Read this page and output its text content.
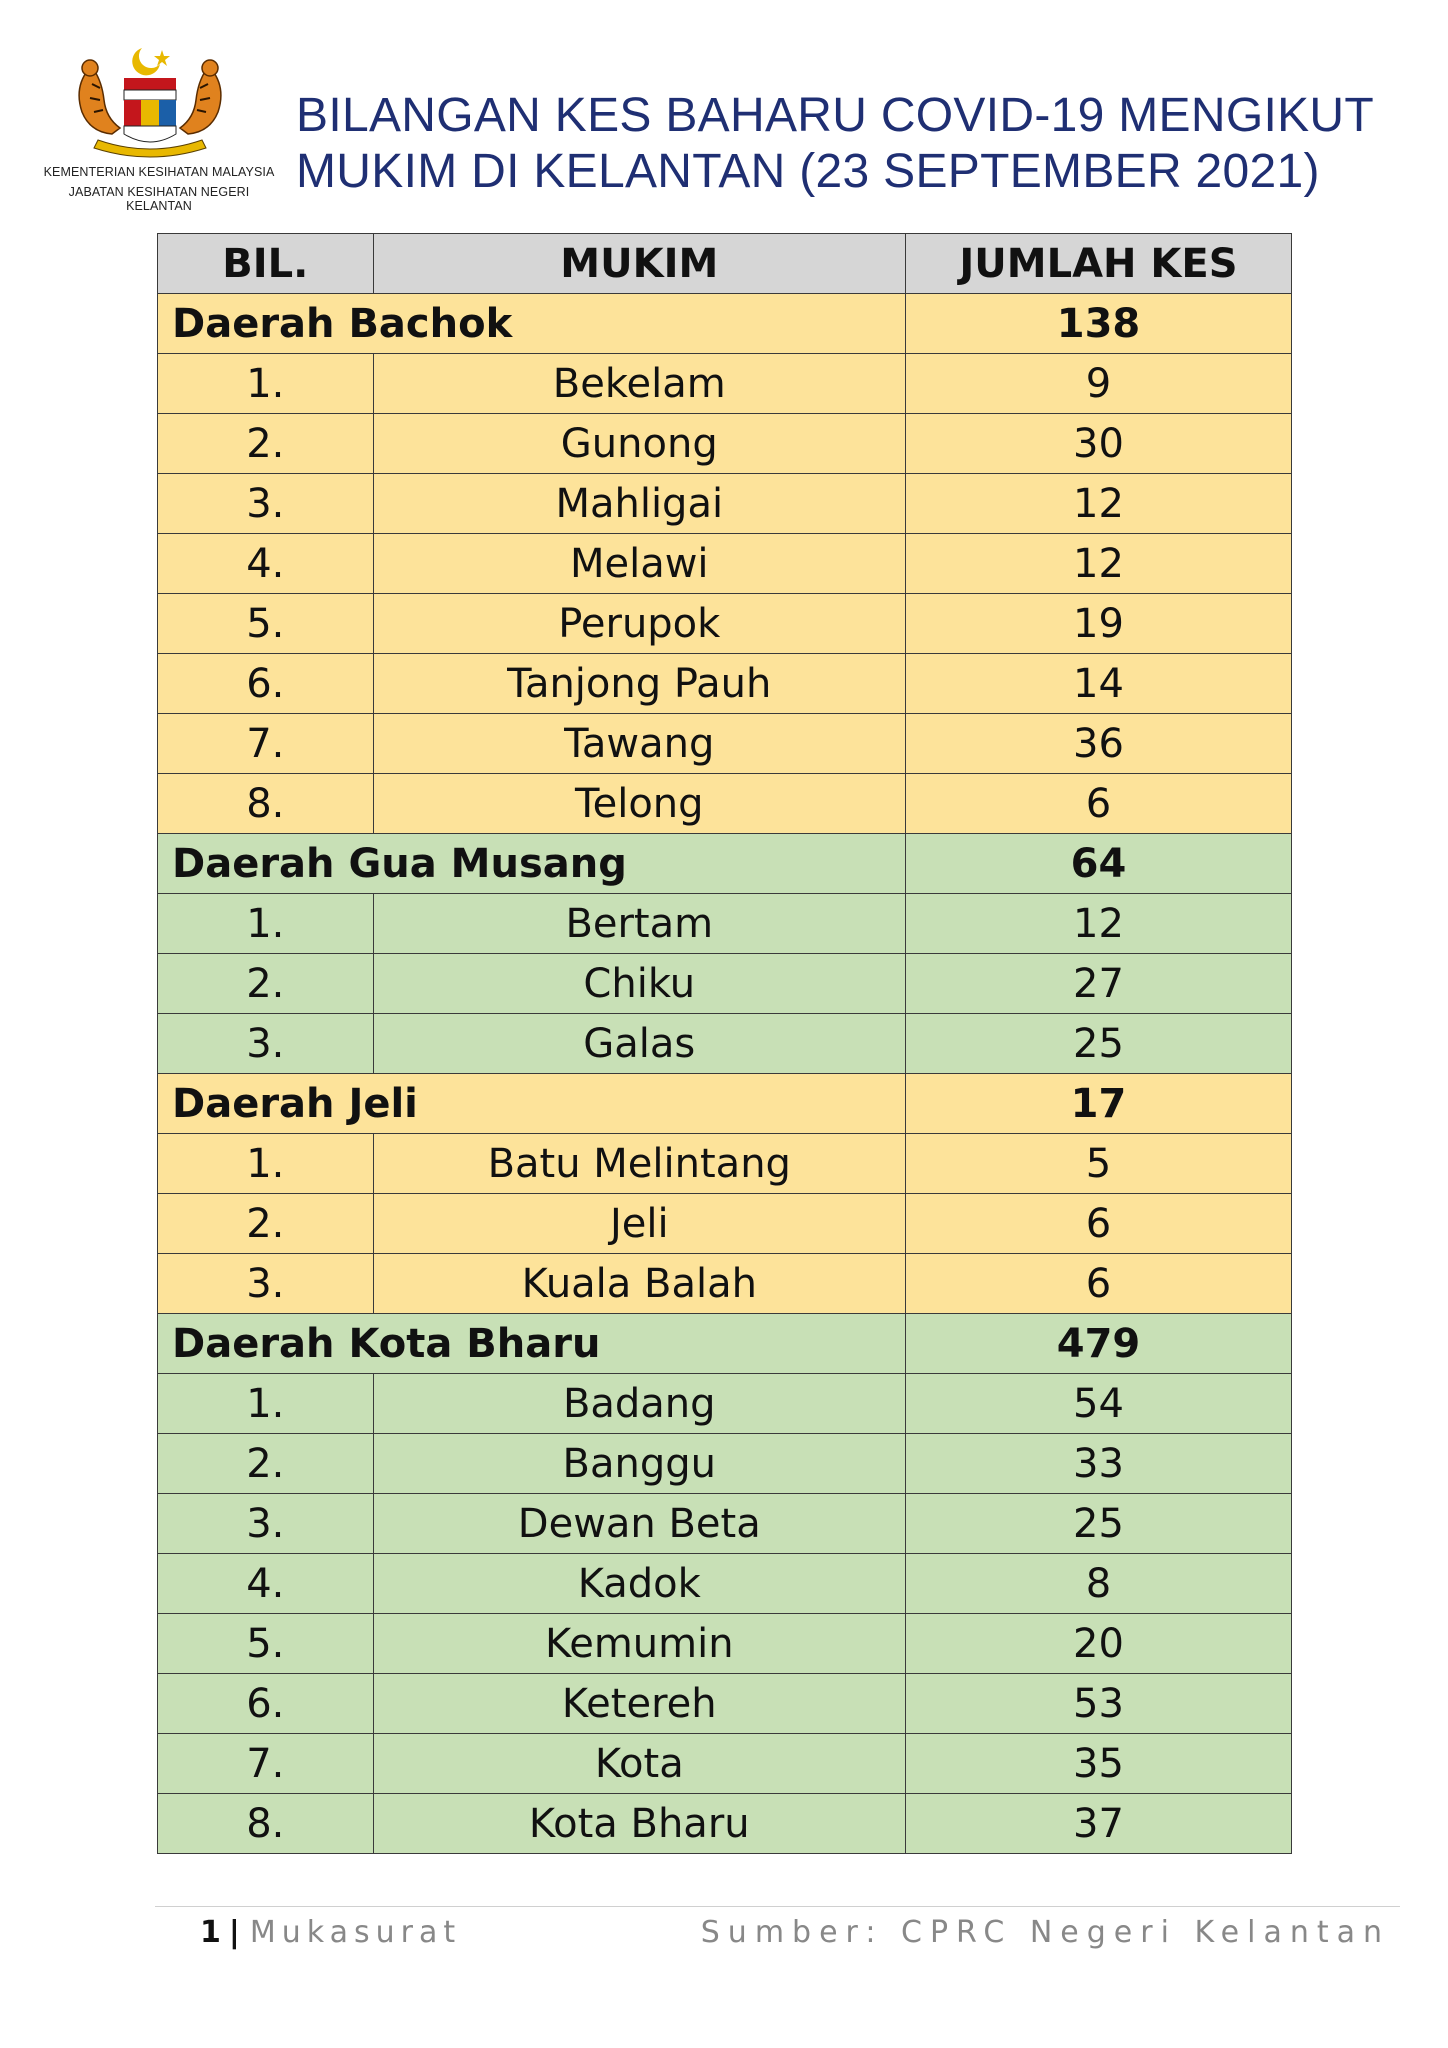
KEMENTERIAN KESIHATAN MALAYSIA
JABATAN KESIHATAN NEGERI KELANTAN
BILANGAN KES BAHARU COVID-19 MENGIKUT
MUKIM DI KELANTAN (23 SEPTEMBER 2021)
BIL.	MUKIM	JUMLAH KES
Daerah Bachok		138
1.	Bekelam	9
2.	Gunong	30
3.	Mahligai	12
4.	Melawi	12
5.	Perupok	19
6.	Tanjong Pauh	14
7.	Tawang	36
8.	Telong	6
Daerah Gua Musang		64
1.	Bertam	12
2.	Chiku	27
3.	Galas	25
Daerah Jeli		17
1.	Batu Melintang	5
2.	Jeli	6
3.	Kuala Balah	6
Daerah Kota Bharu		479
1.	Badang	54
2.	Banggu	33
3.	Dewan Beta	25
4.	Kadok	8
5.	Kemumin	20
6.	Ketereh	53
7.	Kota	35
8.	Kota Bharu	37
1 | Mukasurat	Sumber: CPRC Negeri Kelantan
